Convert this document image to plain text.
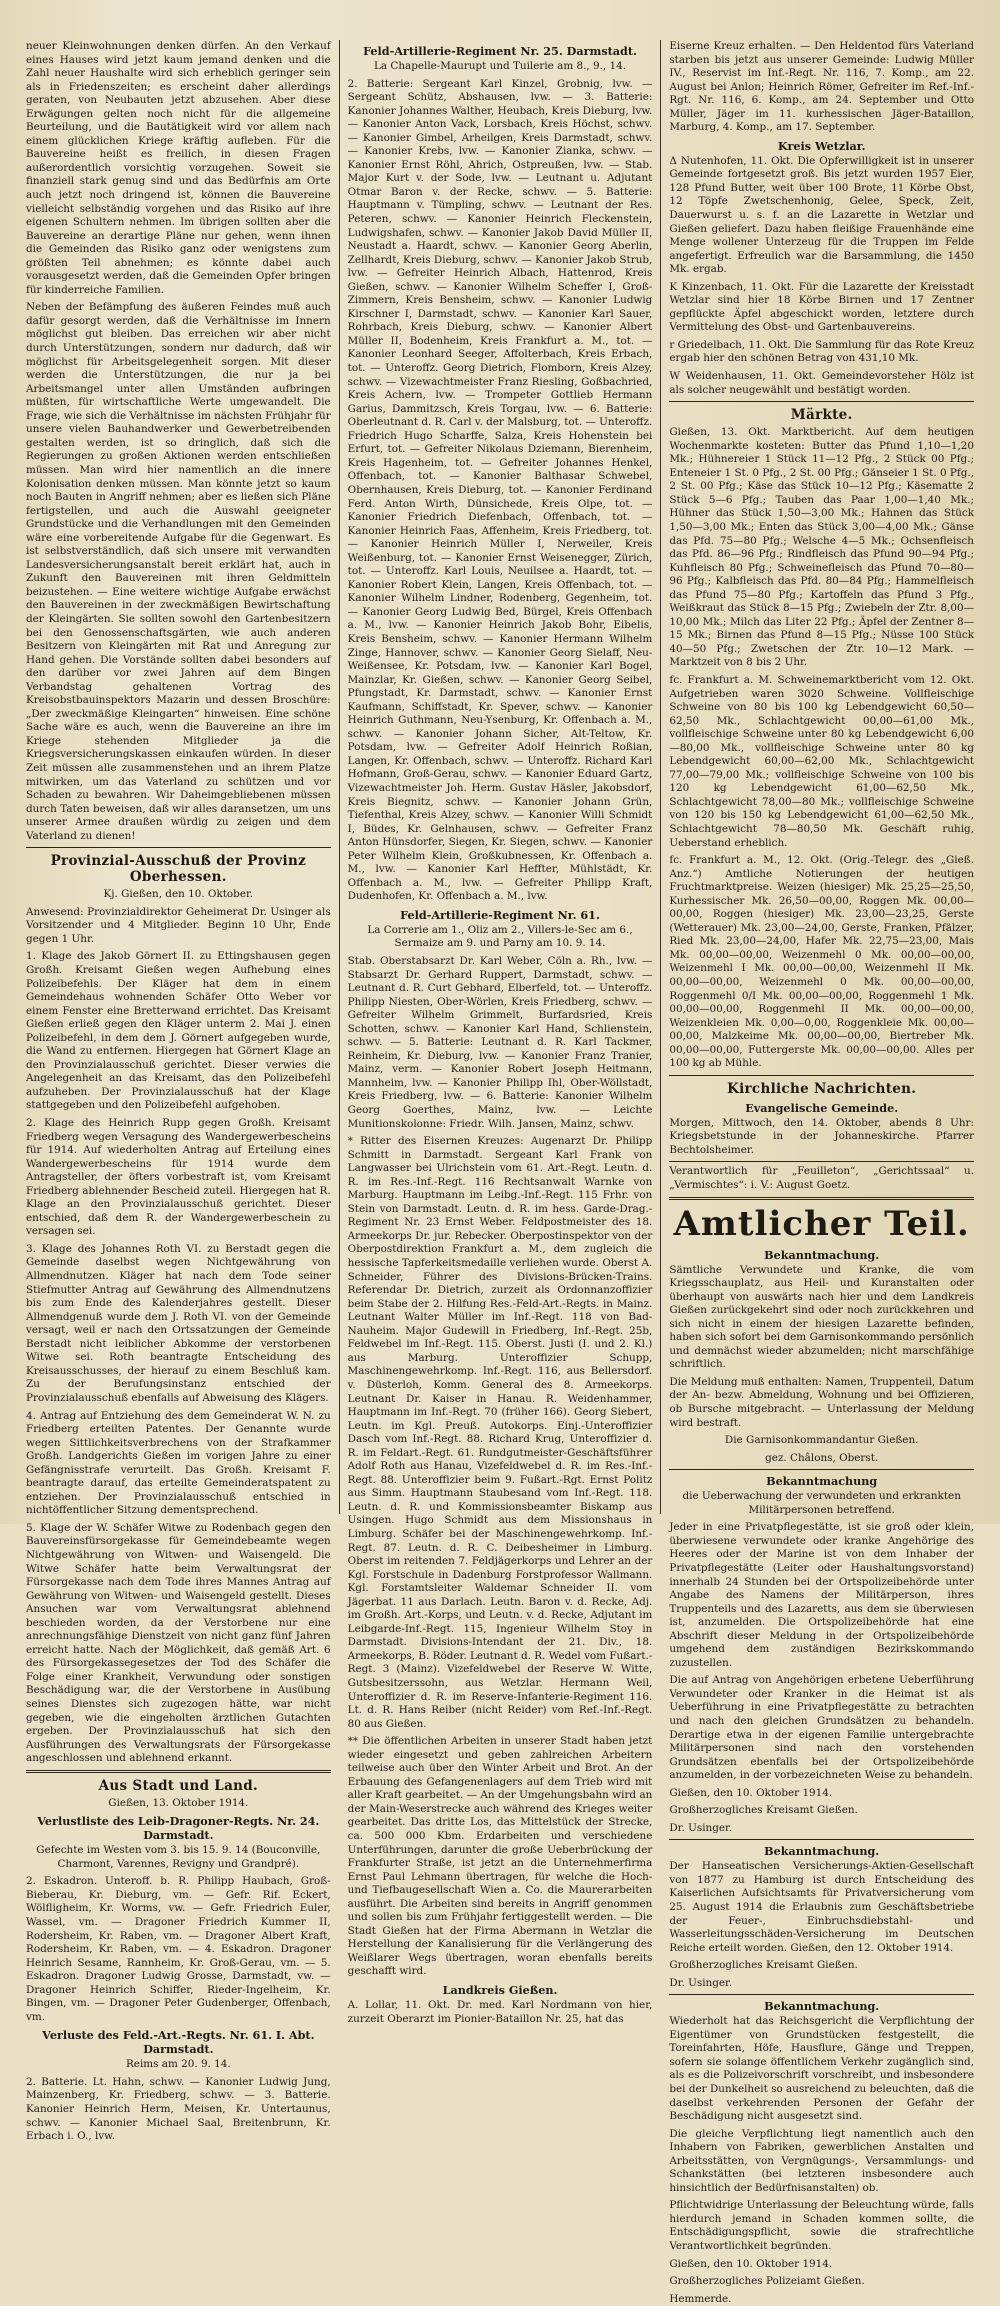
neuer Kleinwohnungen denken dürfen. An den Verkauf eines Hauses wird jetzt kaum jemand denken und die Zahl neuer Haushalte wird sich erheblich geringer sein als in Friedenszeiten; es erscheint daher allerdings geraten, von Neubauten jetzt abzusehen. Aber diese Erwägungen gelten noch nicht für die allgemeine Beurteilung, und die Bautätigkeit wird vor allem nach einem glücklichen Kriege kräftig aufleben. Für die Bauvereine heißt es freilich, in diesen Fragen außerordentlich vorsichtig vorzugehen. Soweit sie finanziell stark genug sind und das Bedürfnis am Orte auch jetzt noch dringend ist, können die Bauvereine vielleicht selbständig vorgehen und das Risiko auf ihre eigenen Schultern nehmen. Im übrigen sollten aber die Bauvereine an derartige Pläne nur gehen, wenn ihnen die Gemeinden das Risiko ganz oder wenigstens zum größten Teil abnehmen; es könnte dabei auch vorausgesetzt werden, daß die Gemeinden Opfer bringen für kinderreiche Familien.

Neben der Befämpfung des äußeren Feindes muß auch dafür gesorgt werden, daß die Verhältnisse im Innern möglichst gut bleiben. Das erreichen wir aber nicht durch Unterstützungen, sondern nur dadurch, daß wir möglichst für Arbeitsgelegenheit sorgen. Mit dieser werden die Unterstützungen, die nur ja bei Arbeitsmangel unter allen Umständen aufbringen müßten, für wirtschaftliche Werte umgewandelt. Die Frage, wie sich die Verhältnisse im nächsten Frühjahr für unsere vielen Bauhandwerker und Gewerbetreibenden gestalten werden, ist so dringlich, daß sich die Regierungen zu großen Aktionen werden entschließen müssen. Man wird hier namentlich an die innere Kolonisation denken müssen. Man könnte jetzt so kaum noch Bauten in Angriff nehmen; aber es ließen sich Pläne fertigstellen, und auch die Auswahl geeigneter Grundstücke und die Verhandlungen mit den Gemeinden wäre eine vorbereitende Aufgabe für die Gegenwart. Es ist selbstverständlich, daß sich unsere mit verwandten Landesversicherungsanstalt bereit erklärt hat, auch in Zukunft den Bauvereinen mit ihren Geldmitteln beizustehen. — Eine weitere wichtige Aufgabe erwächst den Bauvereinen in der zweckmäßigen Bewirtschaftung der Kleingärten. Sie sollten sowohl den Gartenbesitzern bei den Genossenschaftsgärten, wie auch anderen Besitzern von Kleingärten mit Rat und Anregung zur Hand gehen. Die Vorstände sollten dabei besonders auf den darüber vor zwei Jahren auf dem Bingen Verbandstag gehaltenen Vortrag des Kreisobstbauinspektors Mazarin und dessen Broschüre: „Der zweckmäßige Kleingarten“ hinweisen. Eine schöne Sache wäre es auch, wenn die Bauvereine an ihre im Kriege stehenden Mitglieder ja die Kriegsversicherungskassen einkaufen würden. In dieser Zeit müssen alle zusammenstehen und an ihrem Platze mitwirken, um das Vaterland zu schützen und vor Schaden zu bewahren. Wir Daheimgebliebenen müssen durch Taten beweisen, daß wir alles daransetzen, um uns unserer Armee draußen würdig zu zeigen und dem Vaterland zu dienen!

Provinzial-Ausschuß der Provinz Oberhessen.

Kj. Gießen, den 10. Oktober.

Anwesend: Provinzialdirektor Geheimerat Dr. Usinger als Vorsitzender und 4 Mitglieder. Beginn 10 Uhr, Ende gegen 1 Uhr.

1. Klage des Jakob Görnert II. zu Ettingshausen gegen Großh. Kreisamt Gießen wegen Aufhebung eines Polizeibefehls. Der Kläger hat dem in einem Gemeindehaus wohnenden Schäfer Otto Weber vor einem Fenster eine Bretterwand errichtet. Das Kreisamt Gießen erließ gegen den Kläger unterm 2. Mai J. einen Polizeibefehl, in dem dem J. Görnert aufgegeben wurde, die Wand zu entfernen. Hiergegen hat Görnert Klage an den Provinzialausschuß gerichtet. Dieser verwies die Angelegenheit an das Kreisamt, das den Polizeibefehl aufzuheben. Der Provinzialausschuß hat der Klage stattgegeben und den Polizeibefehl aufgehoben.

2. Klage des Heinrich Rupp gegen Großh. Kreisamt Friedberg wegen Versagung des Wandergewerbescheins für 1914. Auf wiederholten Antrag auf Erteilung eines Wandergewerbescheins für 1914 wurde dem Antragsteller, der öfters vorbestraft ist, vom Kreisamt Friedberg ablehnender Bescheid zuteil. Hiergegen hat R. Klage an den Provinzialausschuß gerichtet. Dieser entschied, daß dem R. der Wandergewerbeschein zu versagen sei.

3. Klage des Johannes Roth VI. zu Berstadt gegen die Gemeinde daselbst wegen Nichtgewährung von Allmendnutzen. Kläger hat nach dem Tode seiner Stiefmutter Antrag auf Gewährung des Allmendnutzens bis zum Ende des Kalenderjahres gestellt. Dieser Allmendgenuß wurde dem J. Roth VI. von der Gemeinde versagt, weil er nach den Ortssatzungen der Gemeinde Berstadt nicht leiblicher Abkomme der verstorbenen Witwe sei. Roth beantragte Entscheidung des Kreisausschusses, der hierauf zu einem Beschluß kam. Zu der Berufungsinstanz entschied der Provinzialausschuß ebenfalls auf Abweisung des Klägers.

4. Antrag auf Entziehung des dem Gemeinderat W. N. zu Friedberg erteilten Patentes. Der Genannte wurde wegen Sittlichkeitsverbrechens von der Strafkammer Großh. Landgerichts Gießen im vorigen Jahre zu einer Gefängnisstrafe verurteilt. Das Großh. Kreisamt F. beantragte darauf, das erteilte Gemeinderatspatent zu entziehen. Der Provinzialausschuß entschied in nichtöffentlicher Sitzung dementsprechend.

5. Klage der W. Schäfer Witwe zu Rodenbach gegen den Bauvereinsfürsorgekasse für Gemeindebeamte wegen Nichtgewährung von Witwen- und Waisengeld. Die Witwe Schäfer hatte beim Verwaltungsrat der Fürsorgekasse nach dem Tode ihres Mannes Antrag auf Gewährung von Witwen- und Waisengeld gestellt. Dieses Ansuchen war vom Verwaltungsrat ablehnend beschieden worden, da der Verstorbene nur eine anrechnungsfähige Dienstzeit von nicht ganz fünf Jahren erreicht hatte. Nach der Möglichkeit, daß gemäß Art. 6 des Fürsorgekassegesetzes der Tod des Schäfer die Folge einer Krankheit, Verwundung oder sonstigen Beschädigung war, die der Verstorbene in Ausübung seines Dienstes sich zugezogen hätte, war nicht gegeben, wie die eingeholten ärztlichen Gutachten ergeben. Der Provinzialausschuß hat sich den Ausführungen des Verwaltungsrats der Fürsorgekasse angeschlossen und ablehnend erkannt.

Aus Stadt und Land.

Gießen, 13. Oktober 1914.

Verlustliste des Leib-Dragoner-Regts. Nr. 24. Darmstadt.

Gefechte im Westen vom 3. bis 15. 9. 14 (Bouconville, Charmont, Varennes, Revigny und Grandpré).

2. Eskadron. Unteroff. b. R. Philipp Haubach, Groß-Bieberau, Kr. Dieburg, vm. — Gefr. Rif. Eckert, Wölfligheim, Kr. Worms, vw. — Gefr. Friedrich Euler, Wassel, vm. — Dragoner Friedrich Kummer II, Rodersheim, Kr. Raben, vm. — Dragoner Albert Kraft, Rodersheim, Kr. Raben, vm. — 4. Eskadron. Dragoner Heinrich Sesame, Rannheim, Kr. Groß-Gerau, vm. — 5. Eskadron. Dragoner Ludwig Grosse, Darmstadt, vw. — Dragoner Heinrich Schiffer, Rieder-Ingelheim, Kr. Bingen, vm. — Dragoner Peter Gudenberger, Offenbach, vm.

Verluste des Feld.-Art.-Regts. Nr. 61. I. Abt. Darmstadt.

Reims am 20. 9. 14.

2. Batterie. Lt. Hahn, schwv. — Kanonier Ludwig Jung, Mainzenberg, Kr. Friedberg, schwv. — 3. Batterie. Kanonier Heinrich Herm, Meisen, Kr. Untertaunus, schwv. — Kanonier Michael Saal, Breitenbrunn, Kr. Erbach i. O., lvw.

Feld-Artillerie-Regiment Nr. 25. Darmstadt.

La Chapelle-Maurupt und Tuilerie am 8., 9., 14.

2. Batterie: Sergeant Karl Kinzel, Grobnig, lvw. — Sergeant Schütz, Abshausen, lvw. — 3. Batterie: Kanonier Johannes Walther, Heubach, Kreis Dieburg, lvw. — Kanonier Anton Vack, Lorsbach, Kreis Höchst, schwv. — Kanonier Gimbel, Arheilgen, Kreis Darmstadt, schwv. — Kanonier Krebs, lvw. — Kanonier Zianka, schwv. — Kanonier Ernst Röhl, Ahrich, Ostpreußen, lvw. — Stab. Major Kurt v. der Sode, lvw. — Leutnant u. Adjutant Otmar Baron v. der Recke, schwv. — 5. Batterie: Hauptmann v. Tümpling, schwv. — Leutnant der Res. Peteren, schwv. — Kanonier Heinrich Fleckenstein, Ludwigshafen, schwv. — Kanonier Jakob David Müller II, Neustadt a. Haardt, schwv. — Kanonier Georg Aberlin, Zellhardt, Kreis Dieburg, schwv. — Kanonier Jakob Strub, lvw. — Gefreiter Heinrich Albach, Hattenrod, Kreis Gießen, schwv. — Kanonier Wilhelm Scheffer I, Groß-Zimmern, Kreis Bensheim, schwv. — Kanonier Ludwig Kirschner I, Darmstadt, schwv. — Kanonier Karl Sauer, Rohrbach, Kreis Dieburg, schwv. — Kanonier Albert Müller II, Bodenheim, Kreis Frankfurt a. M., tot. — Kanonier Leonhard Seeger, Affolterbach, Kreis Erbach, tot. — Unteroffz. Georg Dietrich, Flomborn, Kreis Alzey, schwv. — Vizewachtmeister Franz Riesling, Goßbachried, Kreis Achern, lvw. — Trompeter Gottlieb Hermann Garius, Dammitzsch, Kreis Torgau, lvw. — 6. Batterie: Oberleutnant d. R. Carl v. der Malsburg, tot. — Unteroffz. Friedrich Hugo Scharffe, Salza, Kreis Hohenstein bei Erfurt, tot. — Gefreiter Nikolaus Dziemann, Bierenheim, Kreis Hagenheim, tot. — Gefreiter Johannes Henkel, Offenbach, tot. — Kanonier Balthasar Schwebel, Obernhausen, Kreis Dieburg, tot. — Kanonier Ferdinand Ferd. Anton Wirth, Dünsichede, Kreis Olpe, tot. — Kanonier Friedrich Diefenbach, Offenbach, tot. — Kanonier Heinrich Faas, Affenheim, Kreis Friedberg, tot. — Kanonier Heinrich Müller I, Nerweiler, Kreis Weißenburg, tot. — Kanonier Ernst Weisenegger, Zürich, tot. — Unteroffz. Karl Louis, Neuilsee a. Haardt, tot. — Kanonier Robert Klein, Langen, Kreis Offenbach, tot. — Kanonier Wilhelm Lindner, Rodenberg, Gegenheim, tot. — Kanonier Georg Ludwig Bed, Bürgel, Kreis Offenbach a. M., lvw. — Kanonier Heinrich Jakob Bohr, Eibelis, Kreis Bensheim, schwv. — Kanonier Hermann Wilhelm Zinge, Hannover, schwv. — Kanonier Georg Sielaff, Neu-Weißensee, Kr. Potsdam, lvw. — Kanonier Karl Bogel, Mainzlar, Kr. Gießen, schwv. — Kanonier Georg Seibel, Pfungstadt, Kr. Darmstadt, schwv. — Kanonier Ernst Kaufmann, Schiffstadt, Kr. Spever, schwv. — Kanonier Heinrich Guthmann, Neu-Ysenburg, Kr. Offenbach a. M., schwv. — Kanonier Johann Sicher, Alt-Teltow, Kr. Potsdam, lvw. — Gefreiter Adolf Heinrich Roßian, Langen, Kr. Offenbach, schwv. — Unteroffz. Richard Karl Hofmann, Groß-Gerau, schwv. — Kanonier Eduard Gartz, Vizewachtmeister Joh. Herm. Gustav Häsler, Jakobsdorf, Kreis Biegnitz, schwv. — Kanonier Johann Grün, Tiefenthal, Kreis Alzey, schwv. — Kanonier Willi Schmidt I, Büdes, Kr. Gelnhausen, schwv. — Gefreiter Franz Anton Hünsdorfer, Siegen, Kr. Siegen, schwv. — Kanonier Peter Wilhelm Klein, Großkubnessen, Kr. Offenbach a. M., lvw. — Kanonier Karl Heffter, Mühlstädt, Kr. Offenbach a. M., lvw. — Gefreiter Philipp Kraft, Dudenhofen, Kr. Offenbach a. M., lvw.

Feld-Artillerie-Regiment Nr. 61.

La Correrie am 1., Oliz am 2., Villers-le-Sec am 6., Sermaize am 9. und Parny am 10. 9. 14.

Stab. Oberstabsarzt Dr. Karl Weber, Cöln a. Rh., lvw. — Stabsarzt Dr. Gerhard Ruppert, Darmstadt, schwv. — Leutnant d. R. Curt Gebhard, Elberfeld, tot. — Unteroffz. Philipp Niesten, Ober-Wörlen, Kreis Friedberg, schwv. — Gefreiter Wilhelm Grimmelt, Burfardsried, Kreis Schotten, schwv. — Kanonier Karl Hand, Schlienstein, schwv. — 5. Batterie: Leutnant d. R. Karl Tackmer, Reinheim, Kr. Dieburg, lvw. — Kanonier Franz Tranier, Mainz, verm. — Kanonier Robert Joseph Heitmann, Mannheim, lvw. — Kanonier Philipp Ihl, Ober-Wöllstadt, Kreis Friedberg, lvw. — 6. Batterie: Kanonier Wilhelm Georg Goerthes, Mainz, lvw. — Leichte Munitionskolonne: Friedr. Wilh. Jansen, Mainz, schwv.

* Ritter des Eisernen Kreuzes: Augenarzt Dr. Philipp Schmitt in Darmstadt. Sergeant Karl Frank von Langwasser bei Ulrichstein vom 61. Art.-Regt. Leutn. d. R. im Res.-Inf.-Regt. 116 Rechtsanwalt Warnke von Marburg. Hauptmann im Leibg.-Inf.-Regt. 115 Frhr. von Stein von Darmstadt. Leutn. d. R. im hess. Garde-Drag.-Regiment Nr. 23 Ernst Weber. Feldpostmeister des 18. Armeekorps Dr. jur. Rebecker. Oberpostinspektor von der Oberpostdirektion Frankfurt a. M., dem zugleich die hessische Tapferkeitsmedaille verliehen wurde. Oberst A. Schneider, Führer des Divisions-Brücken-Trains. Referendar Dr. Dietrich, zurzeit als Ordonnanzoffizier beim Stabe der 2. Hilfung Res.-Feld-Art.-Regts. in Mainz. Leutnant Walter Müller im Inf.-Regt. 118 von Bad-Nauheim. Major Gudewill in Friedberg, Inf.-Regt. 25b, Feldwebel im Inf.-Regt. 115. Oberst. Justi (I. und 2. Kl.) aus Marburg. Unteroffizier Schupp, Maschinengewehrkomp. Inf.-Regt. 116, aus Bellersdorf. v. Düsterloh, Komm. General des 8. Armeekorps. Leutnant Dr. Kaiser in Hanau. R. Weidenhammer, Hauptmann im Inf.-Regt. 70 (früher 166). Georg Siebert, Leutn. im Kgl. Preuß. Autokorps. Einj.-Unteroffizier Dasch vom Inf.-Regt. 88. Richard Krug, Unteroffizier d. R. im Feldart.-Regt. 61. Rundgutmeister-Geschäftsführer Adolf Roth aus Hanau, Vizefeldwebel d. R. im Res.-Inf.-Regt. 88. Unteroffizier beim 9. Fußart.-Rgt. Ernst Politz aus Simm. Hauptmann Staubesand vom Inf.-Regt. 118. Leutn. d. R. und Kommissionsbeamter Biskamp aus Usingen. Hugo Schmidt aus dem Missionshaus in Limburg. Schäfer bei der Maschinengewehrkomp. Inf.-Regt. 87. Leutn. d. R. C. Deibesheimer in Limburg. Oberst im reitenden 7. Feldjägerkorps und Lehrer an der Kgl. Forstschule in Dadenburg Forstprofessor Wallmann. Kgl. Forstamtsleiter Waldemar Schneider II. vom Jägerbat. 11 aus Darlach. Leutn. Baron v. d. Recke, Adj. im Großh. Art.-Korps, und Leutn. v. d. Recke, Adjutant im Leibgarde-Inf.-Regt. 115, Ingenieur Wilhelm Stoy in Darmstadt. Divisions-Intendant der 21. Div., 18. Armeekorps, B. Röder. Leutnant d. R. Wedel vom Fußart.-Regt. 3 (Mainz). Vizefeldwebel der Reserve W. Witte, Gutsbesitzerssohn, aus Wetzlar. Hermann Weil, Unteroffizier d. R. im Reserve-Infanterie-Regiment 116. Lt. d. R. Hans Reiber (nicht Reider) vom Ref.-Inf.-Regt. 80 aus Gießen.

** Die öffentlichen Arbeiten in unserer Stadt haben jetzt wieder eingesetzt und geben zahlreichen Arbeitern teilweise auch über den Winter Arbeit und Brot. An der Erbauung des Gefangenenlagers auf dem Trieb wird mit aller Kraft gearbeitet. — An der Umgehungsbahn wird an der Main-Weserstrecke auch während des Krieges weiter gearbeitet. Das dritte Los, das Mittelstück der Strecke, ca. 500 000 Kbm. Erdarbeiten und verschiedene Unterführungen, darunter die große Ueberbrückung der Frankfurter Straße, ist jetzt an die Unternehmerfirma Ernst Paul Lehmann übertragen, für welche die Hoch- und Tiefbaugesellschaft Wien a. Co. die Maurerarbeiten ausführt. Die Arbeiten sind bereits in Angriff genommen und sollen bis zum Frühjahr fertiggestellt werden. — Die Stadt Gießen hat der Firma Abermann in Wetzlar die Herstellung der Kanalisierung für die Verlängerung des Weißlarer Wegs übertragen, woran ebenfalls bereits geschafft wird.

Landkreis Gießen.

A. Lollar, 11. Okt. Dr. med. Karl Nordmann von hier, zurzeit Oberarzt im Pionier-Bataillon Nr. 25, hat das

Eiserne Kreuz erhalten. — Den Heldentod fürs Vaterland starben bis jetzt aus unserer Gemeinde: Ludwig Müller IV., Reservist im Inf.-Regt. Nr. 116, 7. Komp., am 22. August bei Anlon; Heinrich Römer, Gefreiter im Ref.-Inf.-Rgt. Nr. 116, 6. Komp., am 24. September und Otto Müller, Jäger im 11. kurhessischen Jäger-Bataillon, Marburg, 4. Komp., am 17. September.

Kreis Wetzlar.

Δ Nutenhofen, 11. Okt. Die Opferwilligkeit ist in unserer Gemeinde fortgesetzt groß. Bis jetzt wurden 1957 Eier, 128 Pfund Butter, weit über 100 Brote, 11 Körbe Obst, 12 Töpfe Zwetschenhonig, Gelee, Speck, Zeit, Dauerwurst u. s. f. an die Lazarette in Wetzlar und Gießen geliefert. Dazu haben fleißige Frauenhände eine Menge wollener Unterzeug für die Truppen im Felde angefertigt. Erfreulich war die Barsammlung, die 1450 Mk. ergab.

K Kinzenbach, 11. Okt. Für die Lazarette der Kreisstadt Wetzlar sind hier 18 Körbe Birnen und 17 Zentner gepflückte Äpfel abgeschickt worden, letztere durch Vermittelung des Obst- und Gartenbauvereins.

r Griedelbach, 11. Okt. Die Sammlung für das Rote Kreuz ergab hier den schönen Betrag von 431,10 Mk.

W Weidenhausen, 11. Okt. Gemeindevorsteher Hölz ist als solcher neugewählt und bestätigt worden.

Märkte.

Gießen, 13. Okt. Marktbericht. Auf dem heutigen Wochenmarkte kosteten: Butter das Pfund 1,10—1,20 Mk.; Hühnereier 1 Stück 11—12 Pfg., 2 Stück 00 Pfg.; Enteneier 1 St. 0 Pfg., 2 St. 00 Pfg.; Gänseier 1 St. 0 Pfg., 2 St. 00 Pfg.; Käse das Stück 10—12 Pfg.; Käsematte 2 Stück 5—6 Pfg.; Tauben das Paar 1,00—1,40 Mk.; Hühner das Stück 1,50—3,00 Mk.; Hahnen das Stück 1,50—3,00 Mk.; Enten das Stück 3,00—4,00 Mk.; Gänse das Pfd. 75—80 Pfg.; Welsche 4—5 Mk.; Ochsenfleisch das Pfd. 86—96 Pfg.; Rindfleisch das Pfund 90—94 Pfg.; Kuhfleisch 80 Pfg.; Schweinefleisch das Pfund 70—80—96 Pfg.; Kalbfleisch das Pfd. 80—84 Pfg.; Hammelfleisch das Pfund 75—80 Pfg.; Kartoffeln das Pfund 3 Pfg., Weißkraut das Stück 8—15 Pfg.; Zwiebeln der Ztr. 8,00—10,00 Mk.; Milch das Liter 22 Pfg.; Äpfel der Zentner 8—15 Mk.; Birnen das Pfund 8—15 Pfg.; Nüsse 100 Stück 40—50 Pfg.; Zwetschen der Ztr. 10—12 Mark. — Marktzeit von 8 bis 2 Uhr.

fc. Frankfurt a. M. Schweinemarktbericht vom 12. Okt. Aufgetrieben waren 3020 Schweine. Vollfleischige Schweine von 80 bis 100 kg Lebendgewicht 60,50—62,50 Mk., Schlachtgewicht 00,00—61,00 Mk., vollfleischige Schweine unter 80 kg Lebendgewicht 6,00—80,00 Mk., vollfleischige Schweine unter 80 kg Lebendgewicht 60,00—62,00 Mk., Schlachtgewicht 77,00—79,00 Mk.; vollfleischige Schweine von 100 bis 120 kg Lebendgewicht 61,00—62,50 Mk., Schlachtgewicht 78,00—80 Mk.; vollfleischige Schweine von 120 bis 150 kg Lebendgewicht 61,00—62,50 Mk., Schlachtgewicht 78—80,50 Mk. Geschäft ruhig, Ueberstand erheblich.

fc. Frankfurt a. M., 12. Okt. (Orig.-Telegr. des „Gieß. Anz.“) Amtliche Notierungen der heutigen Fruchtmarktpreise. Weizen (hiesiger) Mk. 25,25—25,50, Kurhessischer Mk. 26,50—00,00, Roggen Mk. 00,00—00,00, Roggen (hiesiger) Mk. 23,00—23,25, Gerste (Wetterauer) Mk. 23,00—24,00, Gerste, Franken, Pfälzer, Ried Mk. 23,00—24,00, Hafer Mk. 22,75—23,00, Mais Mk. 00,00—00,00, Weizenmehl 0 Mk. 00,00—00,00, Weizenmehl I Mk. 00,00—00,00, Weizenmehl II Mk. 00,00—00,00, Weizenmehl 0 Mk. 00,00—00,00, Roggenmehl 0/I Mk. 00,00—00,00, Roggenmehl 1 Mk. 00,00—00,00, Roggenmehl II Mk. 00,00—00,00, Weizenkleien Mk. 0,00—0,00, Roggenkleie Mk. 00,00—00,00, Malzkeime Mk. 00,00—00,00, Biertreber Mk. 00,00—00,00, Futtergerste Mk. 00,00—00,00. Alles per 100 kg ab Mühle.

Kirchliche Nachrichten.
Evangelische Gemeinde.

Morgen, Mittwoch, den 14. Oktober, abends 8 Uhr: Kriegsbetstunde in der Johanneskirche. Pfarrer Bechtolsheimer.

Verantwortlich für „Feuilleton“, „Gerichtssaal“ u. „Vermischtes“: i. V.: August Goetz.

Amtlicher Teil.
Bekanntmachung.

Sämtliche Verwundete und Kranke, die vom Kriegsschauplatz, aus Heil- und Kuranstalten oder überhaupt von auswärts nach hier und dem Landkreis Gießen zurückgekehrt sind oder noch zurückkehren und sich nicht in einem der hiesigen Lazarette befinden, haben sich sofort bei dem Garnisonkommando persönlich und demnächst wieder abzumelden; nicht marschfähige schriftlich.

Die Meldung muß enthalten: Namen, Truppenteil, Datum der An- bezw. Abmeldung, Wohnung und bei Offizieren, ob Bursche mitgebracht. — Unterlassung der Meldung wird bestraft.

Die Garnisonkommandantur Gießen.

gez. Châlons, Oberst.

Bekanntmachung

die Ueberwachung der verwundeten und erkrankten Militärpersonen betreffend.

Jeder in eine Privatpflegestätte, ist sie groß oder klein, überwiesene verwundete oder kranke Angehörige des Heeres oder der Marine ist von dem Inhaber der Privatpflegestätte (Leiter oder Haushaltungsvorstand) innerhalb 24 Stunden bei der Ortspolizeibehörde unter Angabe des Namens der Militärperson, ihres Truppenteils und des Lazaretts, aus dem sie überwiesen ist, anzumelden. Die Ortspolizeibehörde hat eine Abschrift dieser Meldung in der Ortspolizeibehörde umgehend dem zuständigen Bezirkskommando zuzustellen.

Die auf Antrag von Angehörigen erbetene Ueberführung Verwundeter oder Kranker in die Heimat ist als Ueberführung in eine Privatpflegestätte zu betrachten und nach den gleichen Grundsätzen zu behandeln. Derartige etwa in der eigenen Familie untergebrachte Militärpersonen sind nach den vorstehenden Grundsätzen ebenfalls bei der Ortspolizeibehörde anzumelden, in der vorbezeichneten Weise zu behandeln.

Gießen, den 10. Oktober 1914.

Großherzogliches Kreisamt Gießen.

Dr. Usinger.

Bekanntmachung.

Der Hanseatischen Versicherungs-Aktien-Gesellschaft von 1877 zu Hamburg ist durch Entscheidung des Kaiserlichen Aufsichtsamts für Privatversicherung vom 25. August 1914 die Erlaubnis zum Geschäftsbetriebe der Feuer-, Einbruchsdiebstahl- und Wasserleitungsschäden-Versicherung im Deutschen Reiche erteilt worden. Gießen, den 12. Oktober 1914.

Großherzogliches Kreisamt Gießen.

Dr. Usinger.

Bekanntmachung.

Wiederholt hat das Reichsgericht die Verpflichtung der Eigentümer von Grundstücken festgestellt, die Toreinfahrten, Höfe, Hausflure, Gänge und Treppen, sofern sie solange öffentlichem Verkehr zugänglich sind, als es die Polizeivorschrift vorschreibt, und insbesondere bei der Dunkelheit so ausreichend zu beleuchten, daß die daselbst verkehrenden Personen der Gefahr der Beschädigung nicht ausgesetzt sind.

Die gleiche Verpflichtung liegt namentlich auch den Inhabern von Fabriken, gewerblichen Anstalten und Arbeitsstätten, von Vergnügungs-, Versammlungs- und Schankstätten (bei letzteren insbesondere auch hinsichtlich der Bedürfnisanstalten) ob.

Pflichtwidrige Unterlassung der Beleuchtung würde, falls hierdurch jemand in Schaden kommen sollte, die Entschädigungspflicht, sowie die strafrechtliche Verantwortlichkeit begründen.

Gießen, den 10. Oktober 1914.

Großherzogliches Polizeiamt Gießen.

Hemmerde.
